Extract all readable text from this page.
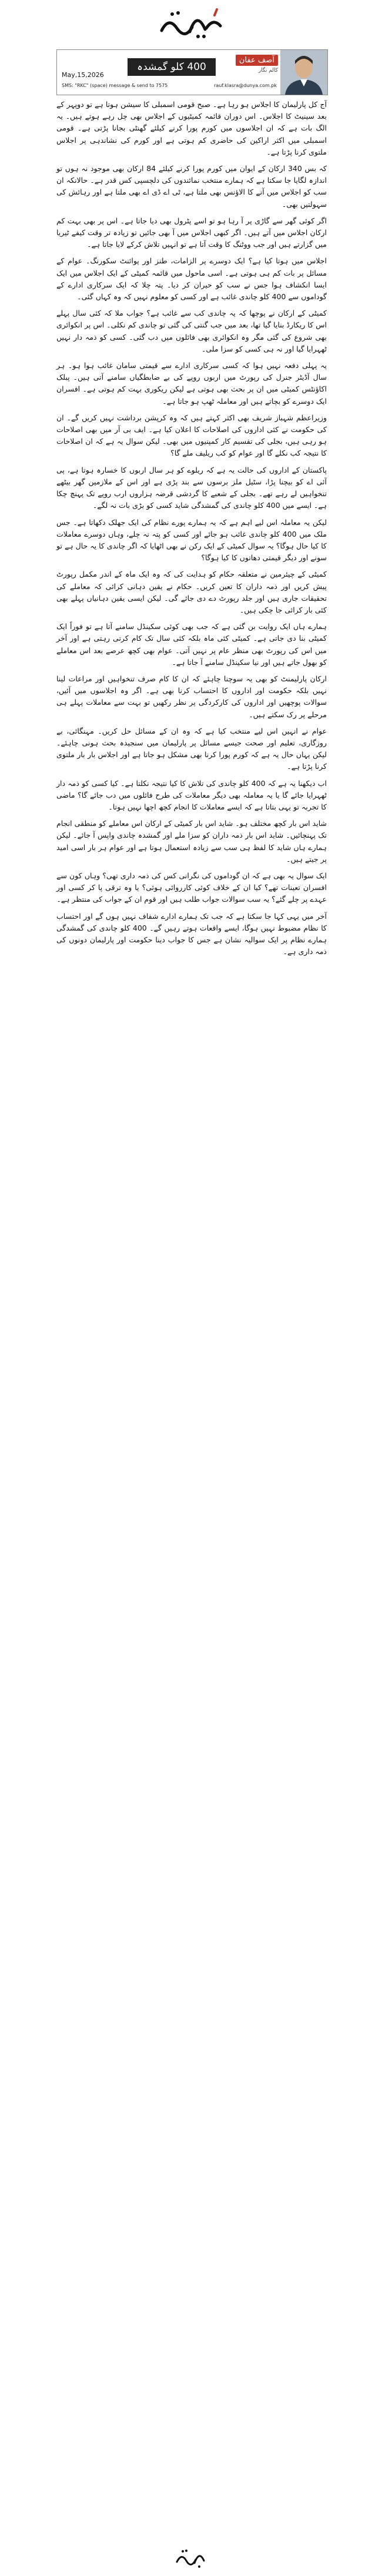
آصف عفان
کالم نگار
400 کلو گمشدہ چاندی کی تلاش
May,15,2026
SMS: "RKC" (space) message & send to 7575	rauf.klasra@dunya.com.pk

آج کل پارلیمان کا اجلاس ہو رہا ہے۔ صبح قومی اسمبلی کا سیشن ہوتا ہے تو دوپہر کے بعد سینیٹ کا اجلاس۔ اس دوران قائمہ کمیٹیوں کے اجلاس بھی چل رہے ہوتے ہیں۔ یہ الگ بات ہے کہ ان اجلاسوں میں کورم پورا کرنے کیلئے گھنٹی بجانا پڑتی ہے۔ قومی اسمبلی میں اکثر اراکین کی حاضری کم ہوتی ہے اور کورم کی نشاندہی پر اجلاس ملتوی کرنا پڑتا ہے۔

کہ بس 340 ارکان کے ایوان میں کورم پورا کرنے کیلئے 84 ارکان بھی موجود نہ ہوں تو اندازہ لگایا جا سکتا ہے کہ ہمارے منتخب نمائندوں کی دلچسپی کس قدر ہے۔ حالانکہ ان سب کو اجلاس میں آنے کا الاؤنس بھی ملتا ہے، ٹی اے ڈی اے بھی ملتا ہے اور رہائش کی سہولتیں بھی۔

اگر کوئی گھر سے گاڑی پر آ رہا ہو تو اسے پٹرول بھی دیا جاتا ہے۔ اس پر بھی بہت کم ارکان اجلاس میں آتے ہیں۔ اگر کبھی اجلاس میں آ بھی جائیں تو زیادہ تر وقت کیفے ٹیریا میں گزارتے ہیں اور جب ووٹنگ کا وقت آتا ہے تو انہیں تلاش کرکے لایا جاتا ہے۔

اجلاس میں ہوتا کیا ہے؟ ایک دوسرے پر الزامات، طنز اور پوائنٹ سکورنگ۔ عوام کے مسائل پر بات کم ہی ہوتی ہے۔ اسی ماحول میں قائمہ کمیٹی کے ایک اجلاس میں ایک ایسا انکشاف ہوا جس نے سب کو حیران کر دیا۔ پتہ چلا کہ ایک سرکاری ادارے کے گوداموں سے 400 کلو چاندی غائب ہے اور کسی کو معلوم نہیں کہ وہ کہاں گئی۔

کمیٹی کے ارکان نے پوچھا کہ یہ چاندی کب سے غائب ہے؟ جواب ملا کہ کئی سال پہلے اس کا ریکارڈ بنایا گیا تھا، بعد میں جب گنتی کی گئی تو چاندی کم نکلی۔ اس پر انکوائری بھی شروع کی گئی مگر وہ انکوائری بھی فائلوں میں دب گئی۔ کسی کو ذمہ دار نہیں ٹھہرایا گیا اور نہ ہی کسی کو سزا ملی۔

یہ پہلی دفعہ نہیں ہوا کہ کسی سرکاری ادارے سے قیمتی سامان غائب ہوا ہو۔ ہر سال آڈیٹر جنرل کی رپورٹ میں اربوں روپے کی بے ضابطگیاں سامنے آتی ہیں۔ پبلک اکاؤنٹس کمیٹی میں ان پر بحث بھی ہوتی ہے لیکن ریکوری بہت کم ہوتی ہے۔ افسران ایک دوسرے کو بچاتے ہیں اور معاملہ ٹھپ ہو جاتا ہے۔

وزیراعظم شہباز شریف بھی اکثر کہتے ہیں کہ وہ کرپشن برداشت نہیں کریں گے۔ ان کی حکومت نے کئی اداروں کی اصلاحات کا اعلان کیا ہے۔ ایف بی آر میں بھی اصلاحات ہو رہی ہیں، بجلی کی تقسیم کار کمپنیوں میں بھی۔ لیکن سوال یہ ہے کہ ان اصلاحات کا نتیجہ کب نکلے گا اور عوام کو کب ریلیف ملے گا؟

پاکستان کے اداروں کی حالت یہ ہے کہ ریلوے کو ہر سال اربوں کا خسارہ ہوتا ہے، پی آئی اے کو بیچنا پڑا، سٹیل ملز برسوں سے بند پڑی ہے اور اس کے ملازمین گھر بیٹھے تنخواہیں لے رہے تھے۔ بجلی کے شعبے کا گردشی قرضہ ہزاروں ارب روپے تک پہنچ چکا ہے۔ ایسے میں 400 کلو چاندی کی گمشدگی شاید کسی کو بڑی بات نہ لگے۔

لیکن یہ معاملہ اس لیے اہم ہے کہ یہ ہمارے پورے نظام کی ایک جھلک دکھاتا ہے۔ جس ملک میں 400 کلو چاندی غائب ہو جائے اور کسی کو پتہ نہ چلے، وہاں دوسرے معاملات کا کیا حال ہوگا؟ یہ سوال کمیٹی کے ایک رکن نے بھی اٹھایا کہ اگر چاندی کا یہ حال ہے تو سونے اور دیگر قیمتی دھاتوں کا کیا ہوگا؟

کمیٹی کے چیئرمین نے متعلقہ حکام کو ہدایت کی کہ وہ ایک ماہ کے اندر مکمل رپورٹ پیش کریں اور ذمہ داران کا تعین کریں۔ حکام نے یقین دہانی کرائی کہ معاملے کی تحقیقات جاری ہیں اور جلد رپورٹ دے دی جائے گی۔ لیکن ایسی یقین دہانیاں پہلے بھی کئی بار کرائی جا چکی ہیں۔

ہمارے ہاں ایک روایت بن گئی ہے کہ جب بھی کوئی سکینڈل سامنے آتا ہے تو فوراً ایک کمیٹی بنا دی جاتی ہے۔ کمیٹی کئی ماہ بلکہ کئی سال تک کام کرتی رہتی ہے اور آخر میں اس کی رپورٹ بھی منظر عام پر نہیں آتی۔ عوام بھی کچھ عرصے بعد اس معاملے کو بھول جاتے ہیں اور نیا سکینڈل سامنے آ جاتا ہے۔

ارکان پارلیمنٹ کو بھی یہ سوچنا چاہئے کہ ان کا کام صرف تنخواہیں اور مراعات لینا نہیں بلکہ حکومت اور اداروں کا احتساب کرنا بھی ہے۔ اگر وہ اجلاسوں میں آئیں، سوالات پوچھیں اور اداروں کی کارکردگی پر نظر رکھیں تو بہت سے معاملات پہلے ہی مرحلے پر رک سکتے ہیں۔

عوام نے انہیں اس لیے منتخب کیا ہے کہ وہ ان کے مسائل حل کریں۔ مہنگائی، بے روزگاری، تعلیم اور صحت جیسے مسائل پر پارلیمان میں سنجیدہ بحث ہونی چاہئے۔ لیکن یہاں حال یہ ہے کہ کورم پورا کرنا بھی مشکل ہو جاتا ہے اور اجلاس بار بار ملتوی کرنا پڑتا ہے۔

اب دیکھنا یہ ہے کہ 400 کلو چاندی کی تلاش کا کیا نتیجہ نکلتا ہے۔ کیا کسی کو ذمہ دار ٹھہرایا جائے گا یا یہ معاملہ بھی دیگر معاملات کی طرح فائلوں میں دب جائے گا؟ ماضی کا تجربہ تو یہی بتاتا ہے کہ ایسے معاملات کا انجام کچھ اچھا نہیں ہوتا۔

شاید اس بار کچھ مختلف ہو۔ شاید اس بار کمیٹی کے ارکان اس معاملے کو منطقی انجام تک پہنچائیں۔ شاید اس بار ذمہ داران کو سزا ملے اور گمشدہ چاندی واپس آ جائے۔ لیکن ہمارے ہاں شاید کا لفظ ہی سب سے زیادہ استعمال ہوتا ہے اور عوام ہر بار اسی امید پر جیتے ہیں۔

ایک سوال یہ بھی ہے کہ ان گوداموں کی نگرانی کس کی ذمہ داری تھی؟ وہاں کون سے افسران تعینات تھے؟ کیا ان کے خلاف کوئی کارروائی ہوئی؟ یا وہ ترقی پا کر کسی اور عہدے پر چلے گئے؟ یہ سب سوالات جواب طلب ہیں اور قوم ان کے جواب کی منتظر ہے۔

آخر میں یہی کہا جا سکتا ہے کہ جب تک ہمارے ادارے شفاف نہیں ہوں گے اور احتساب کا نظام مضبوط نہیں ہوگا، ایسے واقعات ہوتے رہیں گے۔ 400 کلو چاندی کی گمشدگی ہمارے نظام پر ایک سوالیہ نشان ہے جس کا جواب دینا حکومت اور پارلیمان دونوں کی ذمہ داری ہے۔
